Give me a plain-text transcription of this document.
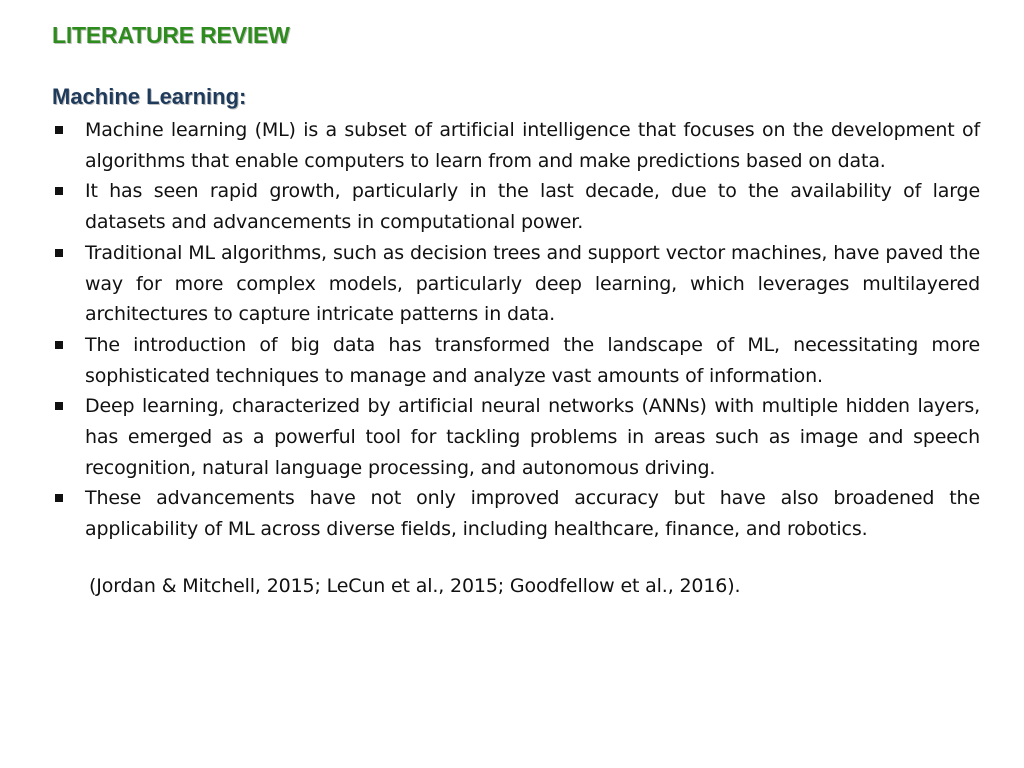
LITERATURE REVIEW
Machine Learning:
Machine learning (ML) is a subset of artificial intelligence that focuses on the development of algorithms that enable computers to learn from and make predictions based on data.
It has seen rapid growth, particularly in the last decade, due to the availability of large datasets and advancements in computational power.
Traditional ML algorithms, such as decision trees and support vector machines, have paved the way for more complex models, particularly deep learning, which leverages multilayered architectures to capture intricate patterns in data.
The introduction of big data has transformed the landscape of ML, necessitating more sophisticated techniques to manage and analyze vast amounts of information.
Deep learning, characterized by artificial neural networks (ANNs) with multiple hidden layers, has emerged as a powerful tool for tackling problems in areas such as image and speech recognition, natural language processing, and autonomous driving.
These advancements have not only improved accuracy but have also broadened the applicability of ML across diverse fields, including healthcare, finance, and robotics.

(Jordan & Mitchell, 2015; LeCun et al., 2015; Goodfellow et al., 2016).
